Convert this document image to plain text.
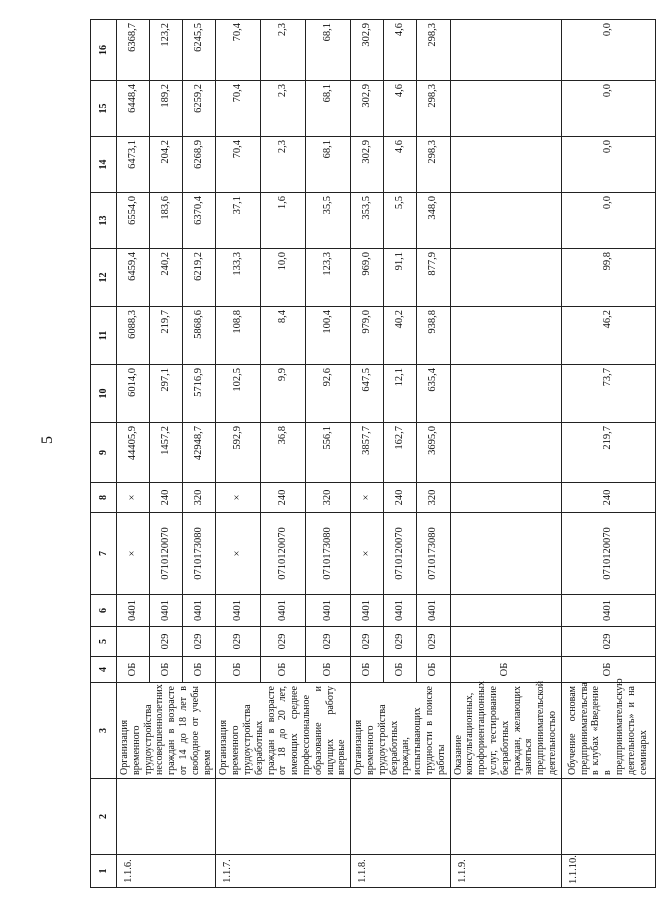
5
1	2	3	4	5	6	7	8	9	10	11	12	13	14	15	16
1.1.6.		Организация временного трудоустройства несовершеннолетних граждан в возрасте от 14 до 18 лет в свободное от учебы время	ОБ		0401	×	×	44405,9	6014,0	6088,3	6459,4	6554,0	6473,1	6448,4	6368,7
			ОБ	029	0401	0710120070	240	1457,2	297,1	219,7	240,2	183,6	204,2	189,2	123,2
			ОБ	029	0401	0710173080	320	42948,7	5716,9	5868,6	6219,2	6370,4	6268,9	6259,2	6245,5
1.1.7.		Организация временного трудоустройства безработных граждан в возрасте от 18 до 20 лет, имеющих среднее профессиональное образование и ищущих работу впервые	ОБ	029	0401	×	×	592,9	102,5	108,8	133,3	37,1	70,4	70,4	70,4
			ОБ	029	0401	0710120070	240	36,8	9,9	8,4	10,0	1,6	2,3	2,3	2,3
			ОБ	029	0401	0710173080	320	556,1	92,6	100,4	123,3	35,5	68,1	68,1	68,1
1.1.8.		Организация временного трудоустройства безработных граждан, испытывающих трудности в поиске работы	ОБ	029	0401	×	×	3857,7	647,5	979,0	969,0	353,5	302,9	302,9	302,9
			ОБ	029	0401	0710120070	240	162,7	12,1	40,2	91,1	5,5	4,6	4,6	4,6
			ОБ	029	0401	0710173080	320	3695,0	635,4	938,8	877,9	348,0	298,3	298,3	298,3
1.1.9.		Оказание консультационных, профориентационных услуг, тестирование безработных граждан, желающих заняться предпринимательской деятельностью	ОБ												
1.1.10.		Обучение основам предпринимательства в клубах «Введение в предпринимательскую деятельность» и на семинарах	ОБ	029	0401	0710120070	240	219,7	73,7	46,2	99,8	0,0	0,0	0,0	0,0
